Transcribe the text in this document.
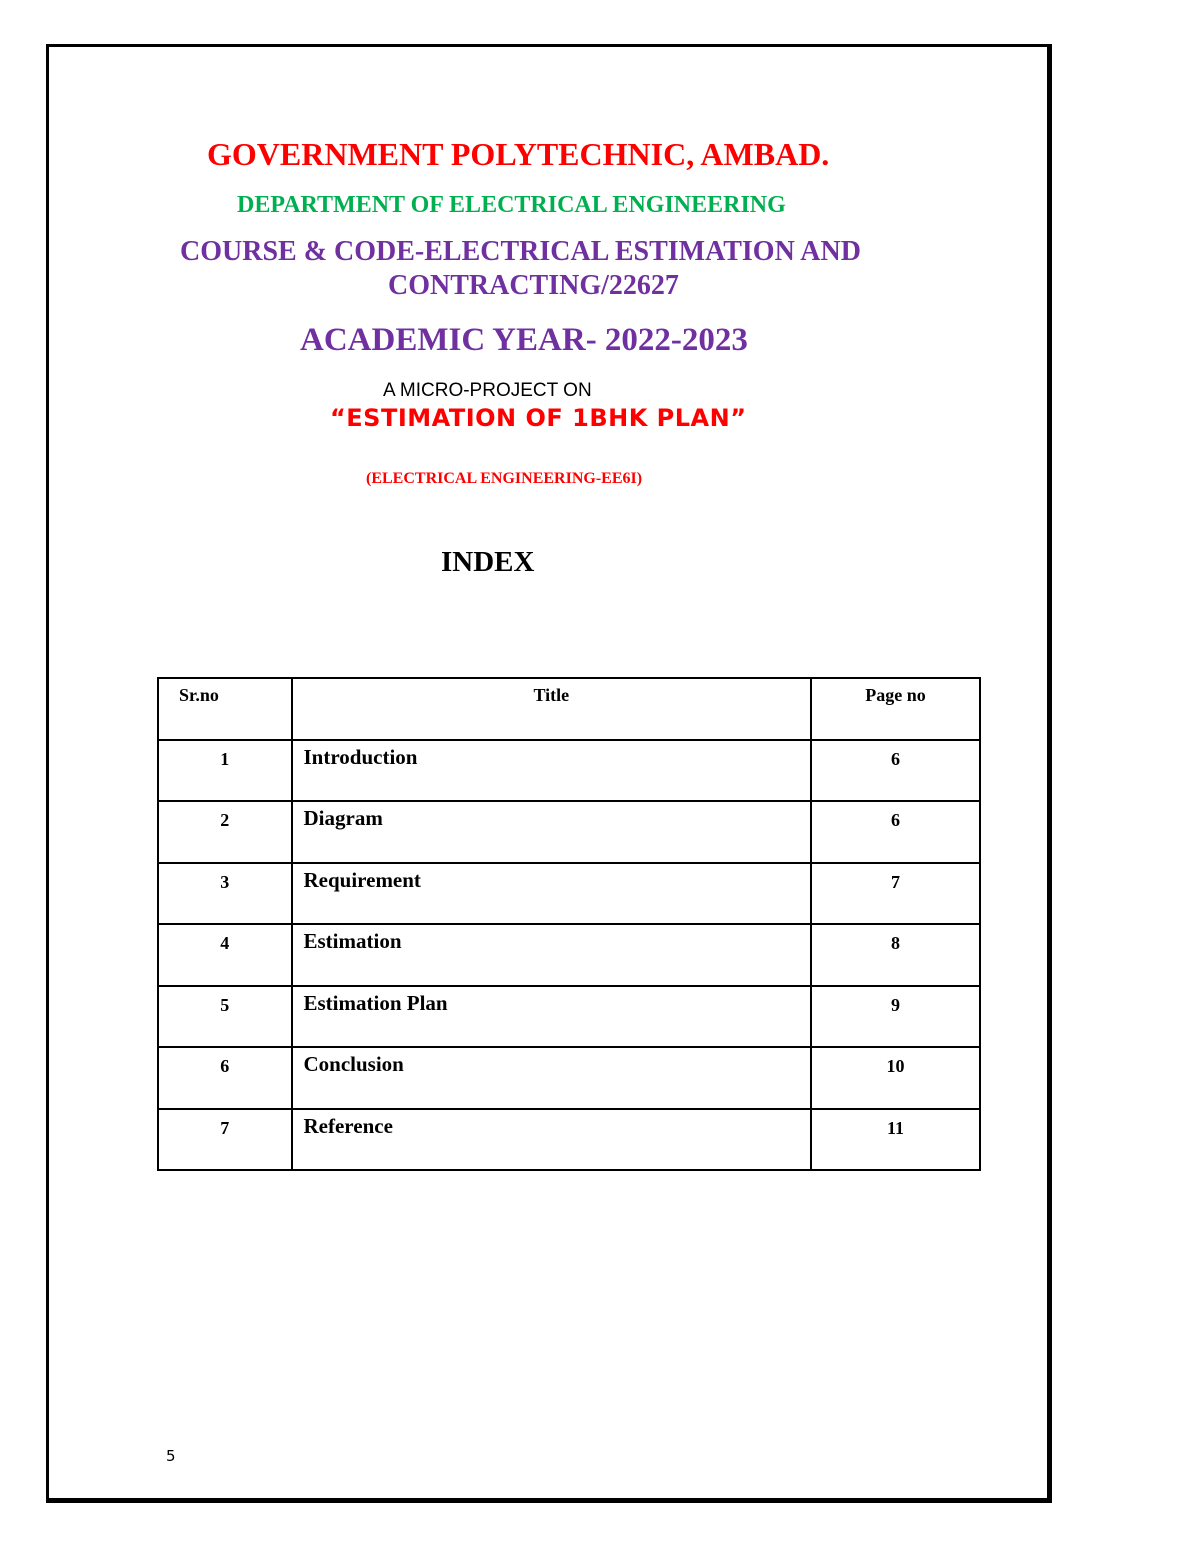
GOVERNMENT POLYTECHNIC, AMBAD.
DEPARTMENT OF ELECTRICAL ENGINEERING
COURSE & CODE-ELECTRICAL ESTIMATION AND
CONTRACTING/22627
ACADEMIC YEAR- 2022-2023
A MICRO-PROJECT ON
“ESTIMATION OF 1BHK PLAN”
(ELECTRICAL ENGINEERING-EE6I)
INDEX
Sr.no	Title	Page no
1	Introduction	6
2	Diagram	6
3	Requirement	7
4	Estimation	8
5	Estimation Plan	9
6	Conclusion	10
7	Reference	11
5
